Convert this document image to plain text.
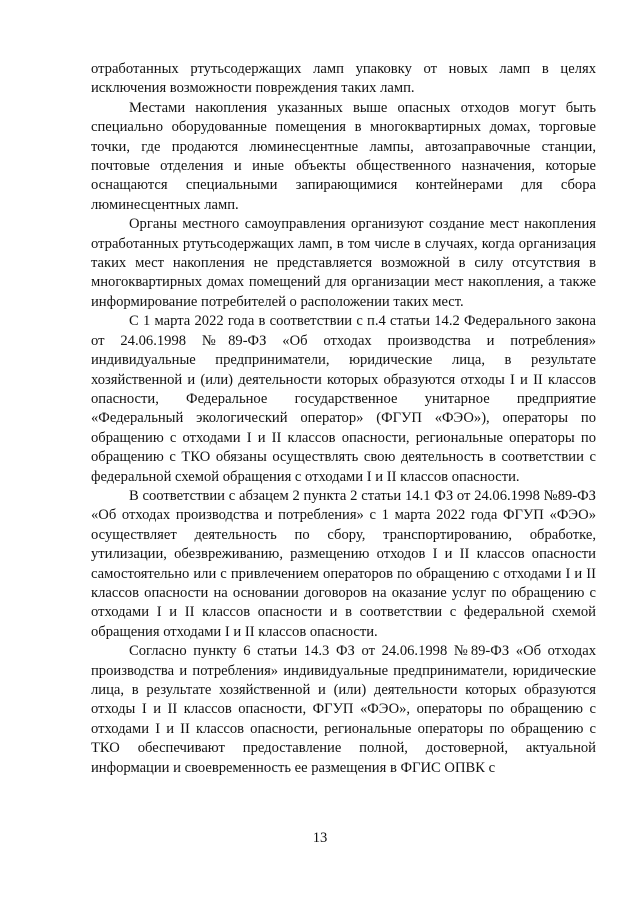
отработанных ртутьсодержащих ламп упаковку от новых ламп в целях исключения возможности повреждения таких ламп.

Местами накопления указанных выше опасных отходов могут быть специально оборудованные помещения в многоквартирных домах, торговые точки, где продаются люминесцентные лампы, автозаправочные станции, почтовые отделения и иные объекты общественного назначения, которые оснащаются специальными запирающимися контейнерами для сбора люминесцентных ламп.

Органы местного самоуправления организуют создание мест накопления отработанных ртутьсодержащих ламп, в том числе в случаях, когда организация таких мест накопления не представляется возможной в силу отсутствия в многоквартирных домах помещений для организации мест накопления, а также информирование потребителей о расположении таких мест.

С 1 марта 2022 года в соответствии с п.4 статьи 14.2 Федерального закона от 24.06.1998 №89-ФЗ «Об отходах производства и потребления» индивидуальные предприниматели, юридические лица, в результате хозяйственной и (или) деятельности которых образуются отходы I и II классов опасности, Федеральное государственное унитарное предприятие «Федеральный экологический оператор» (ФГУП «ФЭО»), операторы по обращению с отходами I и II классов опасности, региональные операторы по обращению с ТКО обязаны осуществлять свою деятельность в соответствии с федеральной схемой обращения с отходами I и II классов опасности.

В соответствии с абзацем 2 пункта 2 статьи 14.1 ФЗ от 24.06.1998 №89-ФЗ «Об отходах производства и потребления» с 1 марта 2022 года ФГУП «ФЭО» осуществляет деятельность по сбору, транспортированию, обработке, утилизации, обезвреживанию, размещению отходов I и II классов опасности самостоятельно или с привлечением операторов по обращению с отходами I и II классов опасности на основании договоров на оказание услуг по обращению с отходами I и II классов опасности и в соответствии с федеральной схемой обращения отходами I и II классов опасности.

Согласно пункту 6 статьи 14.3 ФЗ от 24.06.1998 №89-ФЗ «Об отходах производства и потребления» индивидуальные предприниматели, юридические лица, в результате хозяйственной и (или) деятельности которых образуются отходы I и II классов опасности, ФГУП «ФЭО», операторы по обращению с отходами I и II классов опасности, региональные операторы по обращению с ТКО обеспечивают предоставление полной, достоверной, актуальной информации и своевременность ее размещения в ФГИС ОПВК с

13
